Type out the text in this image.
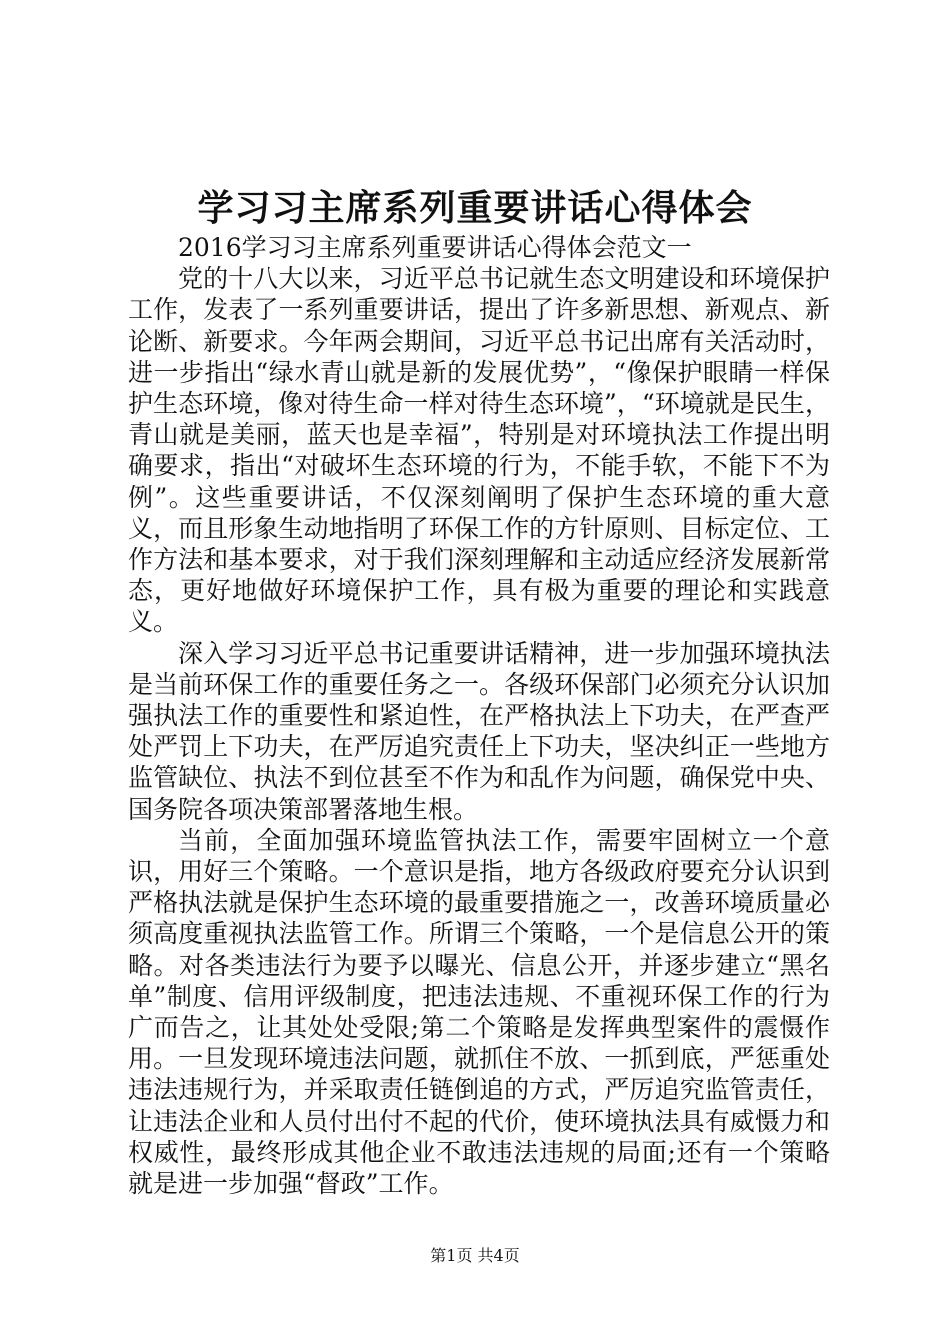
学习习主席系列重要讲话心得体会

2016学习习主席系列重要讲话心得体会范文一

党的十八大以来，习近平总书记就生态文明建设和环境保护工作，发表了一系列重要讲话，提出了许多新思想、新观点、新论断、新要求。今年两会期间，习近平总书记出席有关活动时，进一步指出“绿水青山就是新的发展优势”，“像保护眼睛一样保护生态环境，像对待生命一样对待生态环境”，“环境就是民生，青山就是美丽，蓝天也是幸福”，特别是对环境执法工作提出明确要求，指出“对破坏生态环境的行为，不能手软，不能下不为例”。这些重要讲话，不仅深刻阐明了保护生态环境的重大意义，而且形象生动地指明了环保工作的方针原则、目标定位、工作方法和基本要求，对于我们深刻理解和主动适应经济发展新常态，更好地做好环境保护工作，具有极为重要的理论和实践意义。

深入学习习近平总书记重要讲话精神，进一步加强环境执法是当前环保工作的重要任务之一。各级环保部门必须充分认识加强执法工作的重要性和紧迫性，在严格执法上下功夫，在严查严处严罚上下功夫，在严厉追究责任上下功夫，坚决纠正一些地方监管缺位、执法不到位甚至不作为和乱作为问题，确保党中央、国务院各项决策部署落地生根。

当前，全面加强环境监管执法工作，需要牢固树立一个意识，用好三个策略。一个意识是指，地方各级政府要充分认识到严格执法就是保护生态环境的最重要措施之一，改善环境质量必须高度重视执法监管工作。所谓三个策略，一个是信息公开的策略。对各类违法行为要予以曝光、信息公开，并逐步建立“黑名单”制度、信用评级制度，把违法违规、不重视环保工作的行为广而告之，让其处处受限;第二个策略是发挥典型案件的震慑作用。一旦发现环境违法问题，就抓住不放、一抓到底，严惩重处违法违规行为，并采取责任链倒追的方式，严厉追究监管责任，让违法企业和人员付出付不起的代价，使环境执法具有威慑力和权威性，最终形成其他企业不敢违法违规的局面;还有一个策略就是进一步加强“督政”工作。

第1页 共4页
